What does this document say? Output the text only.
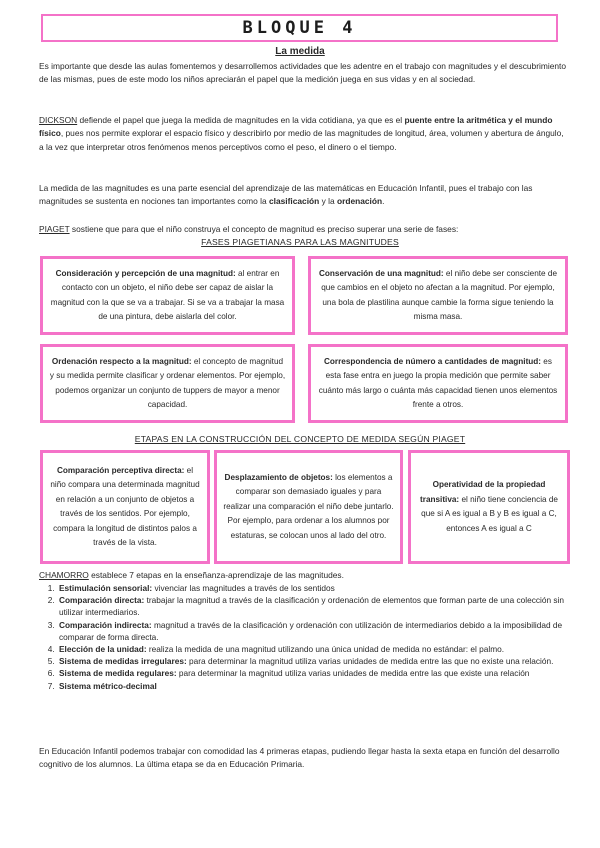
BLOQUE 4
La medida

Es importante que desde las aulas fomentemos y desarrollemos actividades que les adentre en el trabajo con magnitudes y el descubrimiento de las mismas, pues de este modo los niños apreciarán el papel que la medición juega en sus vidas y en al sociedad.

DICKSON defiende el papel que juega la medida de magnitudes en la vida cotidiana, ya que es el puente entre la aritmética y el mundo físico, pues nos permite explorar el espacio físico y describirlo por medio de las magnitudes de longitud, área, volumen y abertura de ángulo, a la vez que interpretar otros fenómenos menos perceptivos como el peso, el dinero o el tiempo.

La medida de las magnitudes es una parte esencial del aprendizaje de las matemáticas en Educación Infantil, pues el trabajo con las magnitudes se sustenta en nociones tan importantes como la clasificación y la ordenación.

PIAGET sostiene que para que el niño construya el concepto de magnitud es preciso superar una serie de fases:

FASES PIAGETIANAS PARA LAS MAGNITUDES
Consideración y percepción de una magnitud: al entrar en contacto con un objeto, el niño debe ser capaz de aislar la magnitud con la que se va a trabajar. Si se va a trabajar la masa de una pintura, debe aislarla del color.
Conservación de una magnitud: el niño debe ser consciente de que cambios en el objeto no afectan a la magnitud. Por ejemplo, una bola de plastilina aunque cambie la forma sigue teniendo la misma masa.
Ordenación respecto a la magnitud: el concepto de magnitud y su medida permite clasificar y ordenar elementos. Por ejemplo, podemos organizar un conjunto de tuppers de mayor a menor capacidad.
Correspondencia de número a cantidades de magnitud: es esta fase entra en juego la propia medición que permite saber cuánto más largo o cuánta más capacidad tienen unos elementos frente a otros.
ETAPAS EN LA CONSTRUCCIÓN DEL CONCEPTO DE MEDIDA SEGÚN PIAGET
Comparación perceptiva directa: el niño compara una determinada magnitud en relación a un conjunto de objetos a través de los sentidos. Por ejemplo, compara la longitud de distintos palos a través de la vista.
Desplazamiento de objetos: los elementos a comparar son demasiado iguales y para realizar una comparación el niño debe juntarlo. Por ejemplo, para ordenar a los alumnos por estaturas, se colocan unos al lado del otro.
Operatividad de la propiedad transitiva: el niño tiene conciencia de que si A es igual a B y B es igual a C, entonces A es igual a C

CHAMORRO establece 7 etapas en la enseñanza-aprendizaje de las magnitudes.

1. Estimulación sensorial: vivenciar las magnitudes a través de los sentidos
2. Comparación directa: trabajar la magnitud a través de la clasificación y ordenación de elementos que forman parte de una colección sin utilizar intermediarios.
3. Comparación indirecta: magnitud a través de la clasificación y ordenación con utilización de intermediarios debido a la imposibilidad de comparar de forma directa.
4. Elección de la unidad: realiza la medida de una magnitud utilizando una única unidad de medida no estándar: el palmo.
5. Sistema de medidas irregulares: para determinar la magnitud utiliza varias unidades de medida entre las que no existe una relación.
6. Sistema de medida regulares: para determinar la magnitud utiliza varias unidades de medida entre las que existe una relación
7. Sistema métrico-decimal

En Educación Infantil podemos trabajar con comodidad las 4 primeras etapas, pudiendo llegar hasta la sexta etapa en función del desarrollo cognitivo de los alumnos. La última etapa se da en Educación Primaria.
